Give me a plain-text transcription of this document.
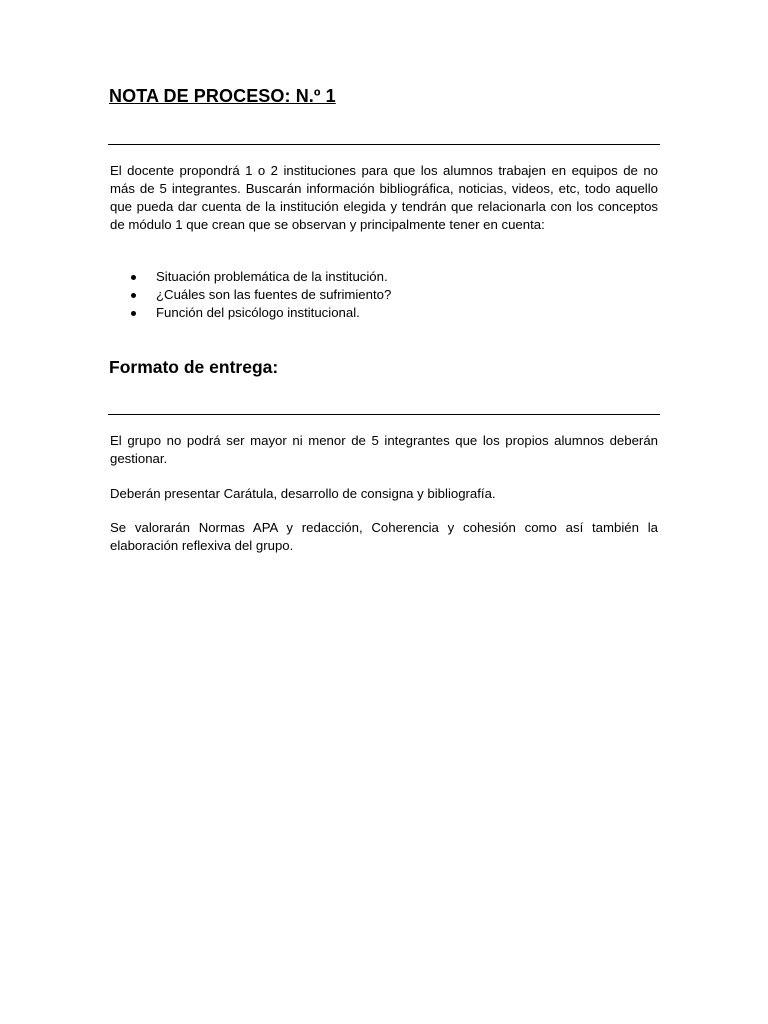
NOTA DE PROCESO: N.º 1

El docente propondrá 1 o 2 instituciones para que los alumnos trabajen en equipos de no más de 5 integrantes. Buscarán información bibliográfica, noticias, videos, etc, todo aquello que pueda dar cuenta de la institución elegida y tendrán que relacionarla con los conceptos de módulo 1 que crean que se observan y principalmente tener en cuenta:

Situación problemática de la institución.
¿Cuáles son las fuentes de sufrimiento?
Función del psicólogo institucional.
Formato de entrega:

El grupo no podrá ser mayor ni menor de 5 integrantes que los propios alumnos deberán gestionar.

Deberán presentar Carátula, desarrollo de consigna y bibliografía.

Se valorarán Normas APA y redacción, Coherencia y cohesión como así también la elaboración reflexiva del grupo.
